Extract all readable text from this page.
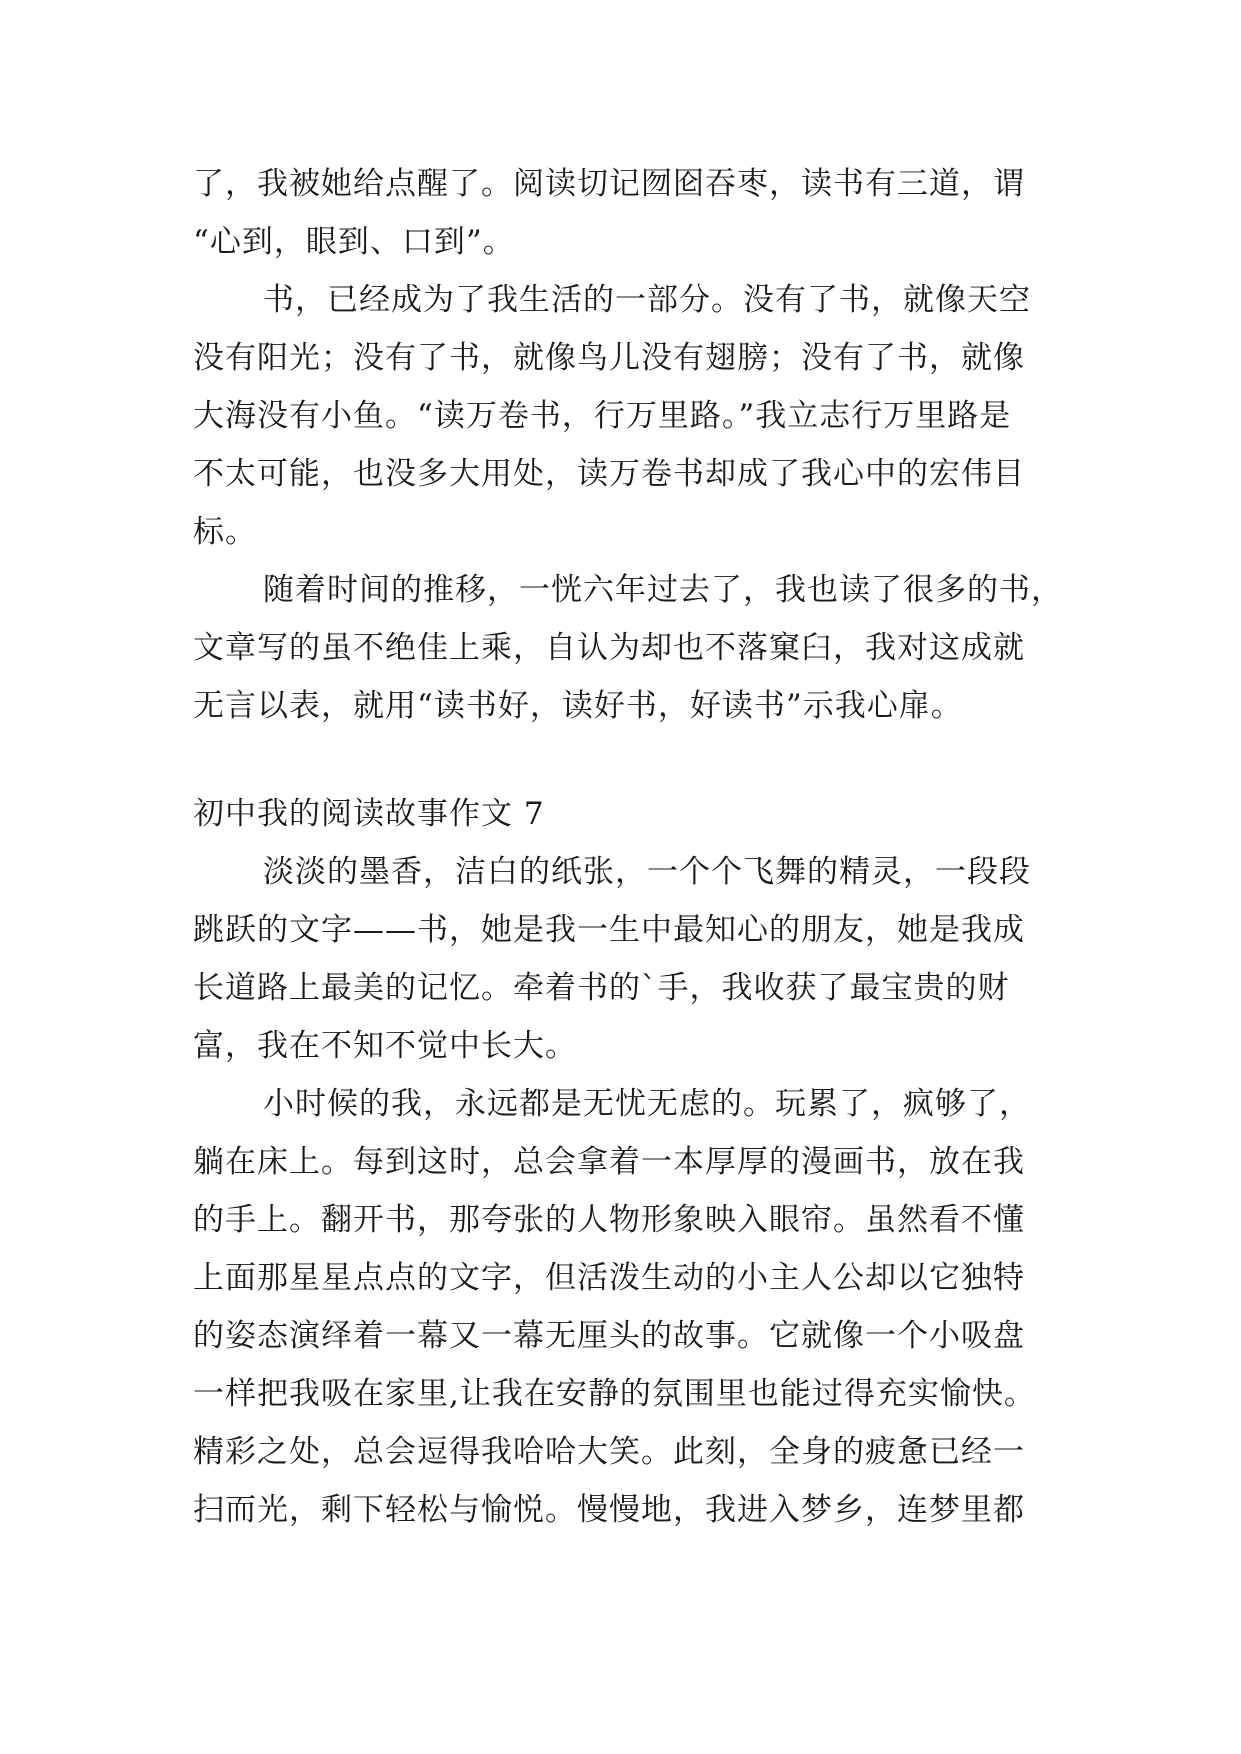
了，我被她给点醒了。阅读切记囫囵吞枣，读书有三道，谓
“心到，眼到、口到”。
书，已经成为了我生活的一部分。没有了书，就像天空
没有阳光；没有了书，就像鸟儿没有翅膀；没有了书，就像
大海没有小鱼。“读万卷书，行万里路。”我立志行万里路是
不太可能，也没多大用处，读万卷书却成了我心中的宏伟目
标。
随着时间的推移，一恍六年过去了，我也读了很多的书，
文章写的虽不绝佳上乘，自认为却也不落窠臼，我对这成就
无言以表，就用“读书好，读好书，好读书”示我心扉。
初中我的阅读故事作文 7
淡淡的墨香，洁白的纸张，一个个飞舞的精灵，一段段
跳跃的文字——书，她是我一生中最知心的朋友，她是我成
长道路上最美的记忆。牵着书的`手，我收获了最宝贵的财
富，我在不知不觉中长大。
小时候的我，永远都是无忧无虑的。玩累了，疯够了，
躺在床上。每到这时，总会拿着一本厚厚的漫画书，放在我
的手上。翻开书，那夸张的人物形象映入眼帘。虽然看不懂
上面那星星点点的文字，但活泼生动的小主人公却以它独特
的姿态演绎着一幕又一幕无厘头的故事。它就像一个小吸盘
一样把我吸在家里,让我在安静的氛围里也能过得充实愉快。
精彩之处，总会逗得我哈哈大笑。此刻，全身的疲惫已经一
扫而光，剩下轻松与愉悦。慢慢地，我进入梦乡，连梦里都
